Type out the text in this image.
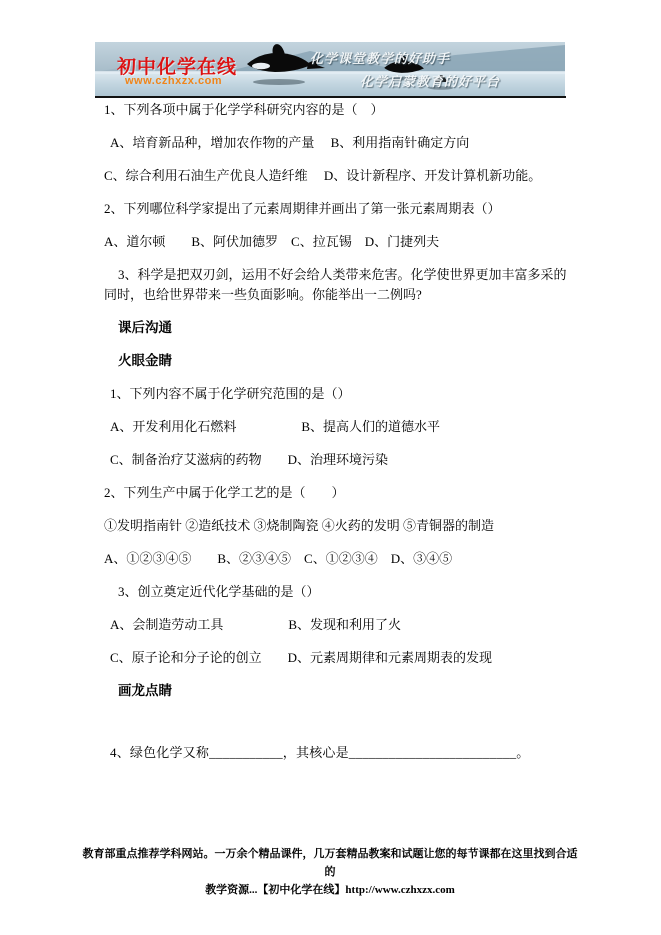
初中化学在线
www.czhxzx.com
化学课堂教学的好助手
化学启蒙教育的好平台

1、下列各项中属于化学学科研究内容的是（　）

A、培育新品种，增加农作物的产量　 B、利用指南针确定方向

C、综合利用石油生产优良人造纤维　 D、设计新程序、开发计算机新功能。

2、下列哪位科学家提出了元素周期律并画出了第一张元素周期表（）

A、道尔顿　　B、阿伏加德罗　C、拉瓦锡　D、门捷列夫

3、科学是把双刃剑，运用不好会给人类带来危害。化学使世界更加丰富多采的同时，也给世界带来一些负面影响。你能举出一二例吗?

课后沟通

火眼金睛

1、下列内容不属于化学研究范围的是（）

A、开发利用化石燃料　　　　　B、提高人们的道德水平

C、制备治疗艾滋病的药物　　D、治理环境污染

2、下列生产中属于化学工艺的是（　　）

①发明指南针 ②造纸技术 ③烧制陶瓷 ④火药的发明 ⑤青铜器的制造

A、①②③④⑤　　B、②③④⑤　C、①②③④　D、③④⑤

3、创立奠定近代化学基础的是（）

A、会制造劳动工具　　　　　B、发现和利用了火

C、原子论和分子论的创立　　D、元素周期律和元素周期表的发现

画龙点睛

4、绿色化学又称___________，其核心是_________________________。

教育部重点推荐学科网站。一万余个精品课件，几万套精品教案和试题让您的每节课都在这里找到合适的
教学资源...【初中化学在线】http://www.czhxzx.com
